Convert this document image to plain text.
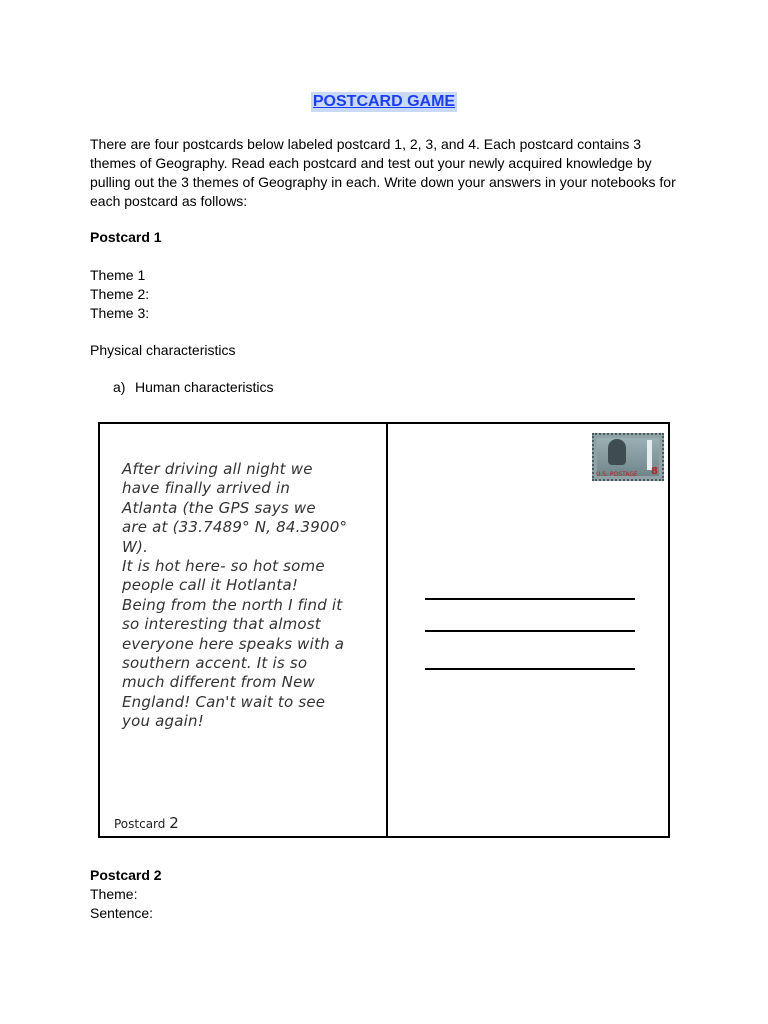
POSTCARD GAME
There are four postcards below labeled postcard 1, 2, 3, and 4. Each postcard contains 3 themes of Geography. Read each postcard and test out your newly acquired knowledge by pulling out the 3 themes of Geography in each. Write down your answers in your notebooks for each postcard as follows:
Postcard 1
Theme 1
Theme 2:
Theme 3:
Physical characteristics
a) Human characteristics
After driving all night we
have finally arrived in
Atlanta (the GPS says we
are at (33.7489° N, 84.3900° W).
It is hot here- so hot some
people call it Hotlanta!
Being from the north I find it
so interesting that almost
everyone here speaks with a
southern accent. It is so
much different from New
England! Can't wait to see
you again!
Postcard 2
U.S. POSTAGE 8
Postcard 2
Theme:
Sentence:
